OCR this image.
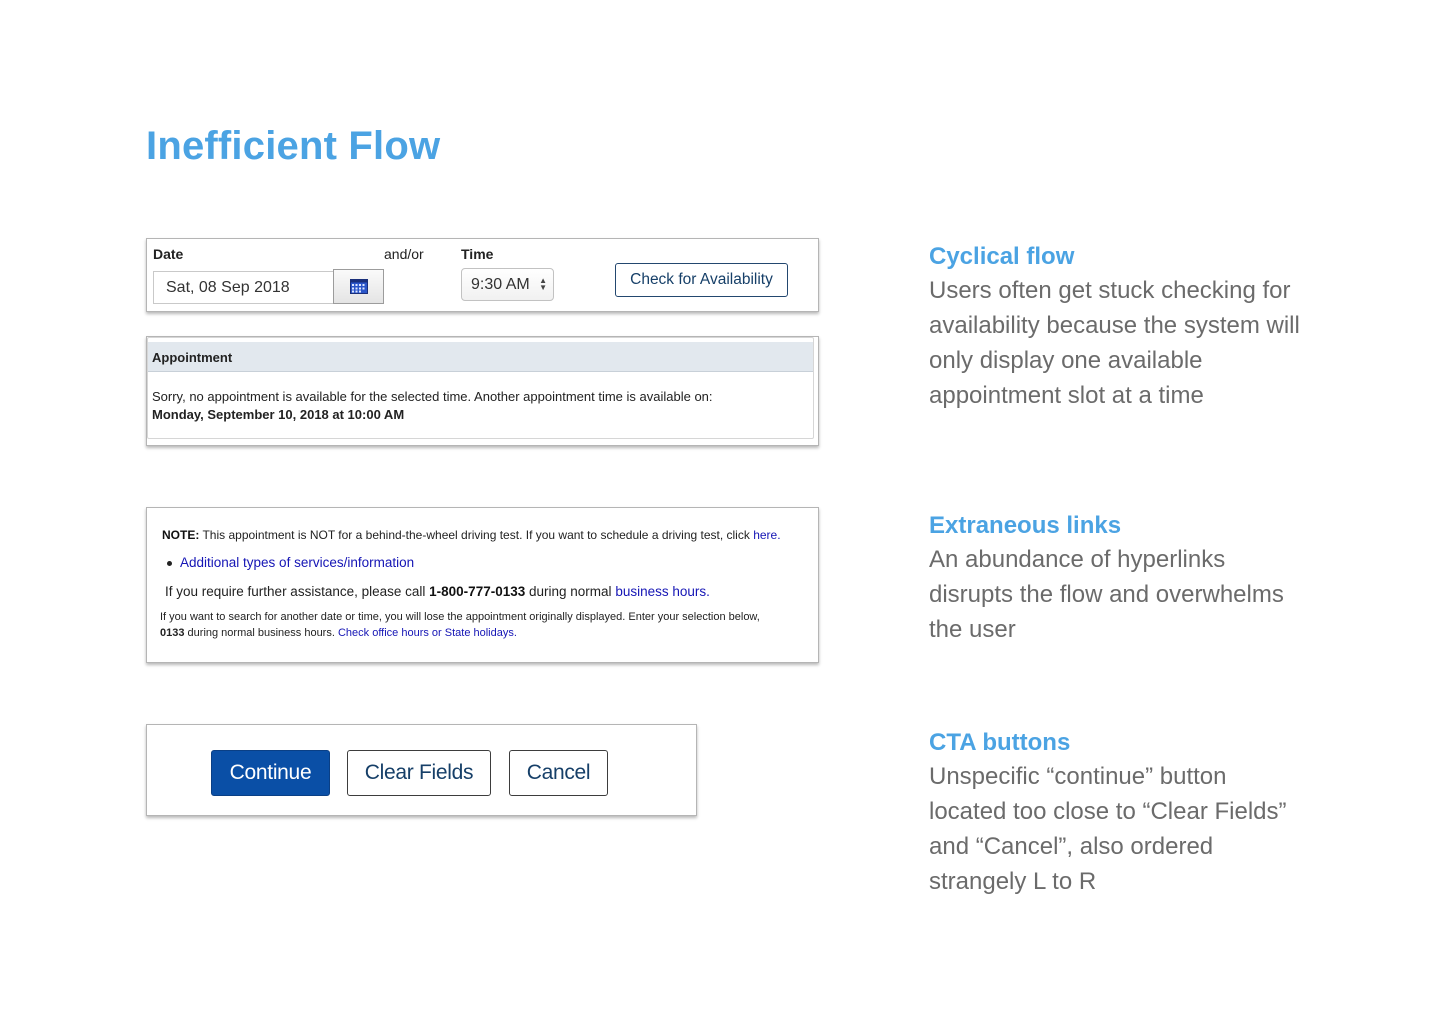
Inefficient Flow
Date	and/or	Time
Sat, 08 Sep 2018	9:30 AM ▲
▼	Check for Availability
Appointment
Sorry, no appointment is available for the selected time. Another appointment time is available on:
Monday, September 10, 2018 at 10:00 AM
NOTE: This appointment is NOT for a behind-the-wheel driving test. If you want to schedule a driving test, click here.
Additional types of services/information
If you require further assistance, please call 1-800-777-0133 during normal business hours.
If you want to search for another date or time, you will lose the appointment originally displayed. Enter your selection below,
0133 during normal business hours. Check office hours or State holidays.
Continue	Clear Fields	Cancel
Cyclical flow
Users often get stuck checking for availability because the system will only display one available appointment slot at a time
Extraneous links
An abundance of hyperlinks disrupts the flow and overwhelms the user
CTA buttons
Unspecific “continue” button located too close to “Clear Fields” and “Cancel”, also ordered strangely L to R
